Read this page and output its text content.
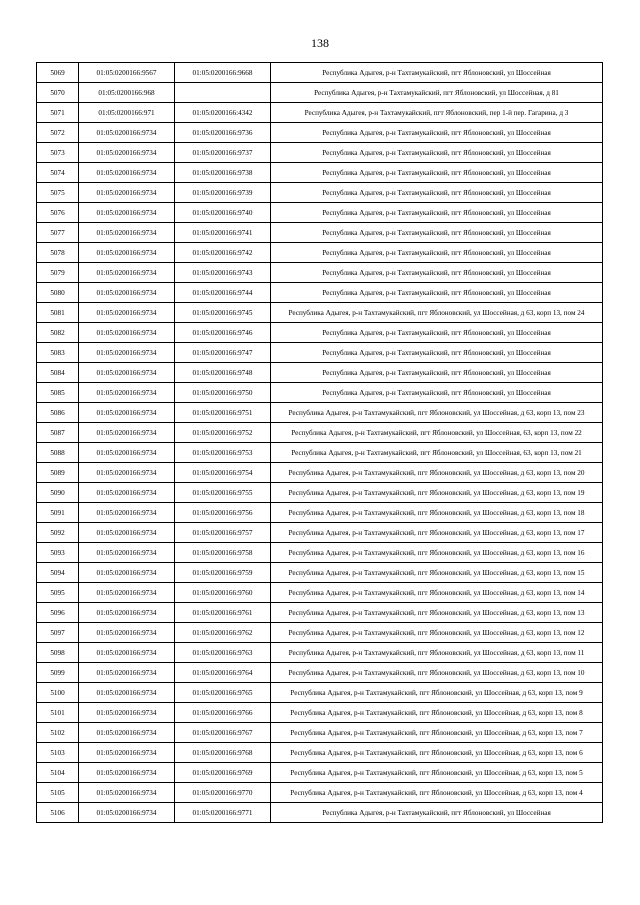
138
5069	01:05:0200166:9567	01:05:0200166:9668	Республика Адыгея, р-н Тахтамукайский, пгт Яблоновский, ул Шоссейная
5070	01:05:0200166:968		Республика Адыгея, р-н Тахтамукайский, пгт Яблоновский, ул Шоссейная, д 81
5071	01:05:0200166:971	01:05:0200166:4342	Республика Адыгея, р-н Тахтамукайский, пгт Яблоновский, пер 1-й пер. Гагарина, д 3
5072	01:05:0200166:9734	01:05:0200166:9736	Республика Адыгея, р-н Тахтамукайский, пгт Яблоновский, ул Шоссейная
5073	01:05:0200166:9734	01:05:0200166:9737	Республика Адыгея, р-н Тахтамукайский, пгт Яблоновский, ул Шоссейная
5074	01:05:0200166:9734	01:05:0200166:9738	Республика Адыгея, р-н Тахтамукайский, пгт Яблоновский, ул Шоссейная
5075	01:05:0200166:9734	01:05:0200166:9739	Республика Адыгея, р-н Тахтамукайский, пгт Яблоновский, ул Шоссейная
5076	01:05:0200166:9734	01:05:0200166:9740	Республика Адыгея, р-н Тахтамукайский, пгт Яблоновский, ул Шоссейная
5077	01:05:0200166:9734	01:05:0200166:9741	Республика Адыгея, р-н Тахтамукайский, пгт Яблоновский, ул Шоссейная
5078	01:05:0200166:9734	01:05:0200166:9742	Республика Адыгея, р-н Тахтамукайский, пгт Яблоновский, ул Шоссейная
5079	01:05:0200166:9734	01:05:0200166:9743	Республика Адыгея, р-н Тахтамукайский, пгт Яблоновский, ул Шоссейная
5080	01:05:0200166:9734	01:05:0200166:9744	Республика Адыгея, р-н Тахтамукайский, пгт Яблоновский, ул Шоссейная
5081	01:05:0200166:9734	01:05:0200166:9745	Республика Адыгея, р-н Тахтамукайский, пгт Яблоновский, ул Шоссейная, д 63, корп 13, пом 24
5082	01:05:0200166:9734	01:05:0200166:9746	Республика Адыгея, р-н Тахтамукайский, пгт Яблоновский, ул Шоссейная
5083	01:05:0200166:9734	01:05:0200166:9747	Республика Адыгея, р-н Тахтамукайский, пгт Яблоновский, ул Шоссейная
5084	01:05:0200166:9734	01:05:0200166:9748	Республика Адыгея, р-н Тахтамукайский, пгт Яблоновский, ул Шоссейная
5085	01:05:0200166:9734	01:05:0200166:9750	Республика Адыгея, р-н Тахтамукайский, пгт Яблоновский, ул Шоссейная
5086	01:05:0200166:9734	01:05:0200166:9751	Республика Адыгея, р-н Тахтамукайский, пгт Яблоновский, ул Шоссейная, д 63, корп 13, пом 23
5087	01:05:0200166:9734	01:05:0200166:9752	Республика Адыгея, р-н Тахтамукайский, пгт Яблоновский, ул Шоссейная, 63, корп 13, пом 22
5088	01:05:0200166:9734	01:05:0200166:9753	Республика Адыгея, р-н Тахтамукайский, пгт Яблоновский, ул Шоссейная, 63, корп 13, пом 21
5089	01:05:0200166:9734	01:05:0200166:9754	Республика Адыгея, р-н Тахтамукайский, пгт Яблоновский, ул Шоссейная, д 63, корп 13, пом 20
5090	01:05:0200166:9734	01:05:0200166:9755	Республика Адыгея, р-н Тахтамукайский, пгт Яблоновский, ул Шоссейная, д 63, корп 13, пом 19
5091	01:05:0200166:9734	01:05:0200166:9756	Республика Адыгея, р-н Тахтамукайский, пгт Яблоновский, ул Шоссейная, д 63, корп 13, пом 18
5092	01:05:0200166:9734	01:05:0200166:9757	Республика Адыгея, р-н Тахтамукайский, пгт Яблоновский, ул Шоссейная, д 63, корп 13, пом 17
5093	01:05:0200166:9734	01:05:0200166:9758	Республика Адыгея, р-н Тахтамукайский, пгт Яблоновский, ул Шоссейная, д 63, корп 13, пом 16
5094	01:05:0200166:9734	01:05:0200166:9759	Республика Адыгея, р-н Тахтамукайский, пгт Яблоновский, ул Шоссейная, д 63, корп 13, пом 15
5095	01:05:0200166:9734	01:05:0200166:9760	Республика Адыгея, р-н Тахтамукайский, пгт Яблоновский, ул Шоссейная, д 63, корп 13, пом 14
5096	01:05:0200166:9734	01:05:0200166:9761	Республика Адыгея, р-н Тахтамукайский, пгт Яблоновский, ул Шоссейная, д 63, корп 13, пом 13
5097	01:05:0200166:9734	01:05:0200166:9762	Республика Адыгея, р-н Тахтамукайский, пгт Яблоновский, ул Шоссейная, д 63, корп 13, пом 12
5098	01:05:0200166:9734	01:05:0200166:9763	Республика Адыгея, р-н Тахтамукайский, пгт Яблоновский, ул Шоссейная, д 63, корп 13, пом 11
5099	01:05:0200166:9734	01:05:0200166:9764	Республика Адыгея, р-н Тахтамукайский, пгт Яблоновский, ул Шоссейная, д 63, корп 13, пом 10
5100	01:05:0200166:9734	01:05:0200166:9765	Республика Адыгея, р-н Тахтамукайский, пгт Яблоновский, ул Шоссейная, д 63, корп 13, пом 9
5101	01:05:0200166:9734	01:05:0200166:9766	Республика Адыгея, р-н Тахтамукайский, пгт Яблоновский, ул Шоссейная, д 63, корп 13, пом 8
5102	01:05:0200166:9734	01:05:0200166:9767	Республика Адыгея, р-н Тахтамукайский, пгт Яблоновский, ул Шоссейная, д 63, корп 13, пом 7
5103	01:05:0200166:9734	01:05:0200166:9768	Республика Адыгея, р-н Тахтамукайский, пгт Яблоновский, ул Шоссейная, д 63, корп 13, пом 6
5104	01:05:0200166:9734	01:05:0200166:9769	Республика Адыгея, р-н Тахтамукайский, пгт Яблоновский, ул Шоссейная, д 63, корп 13, пом 5
5105	01:05:0200166:9734	01:05:0200166:9770	Республика Адыгея, р-н Тахтамукайский, пгт Яблоновский, ул Шоссейная, д 63, корп 13, пом 4
5106	01:05:0200166:9734	01:05:0200166:9771	Республика Адыгея, р-н Тахтамукайский, пгт Яблоновский, ул Шоссейная
